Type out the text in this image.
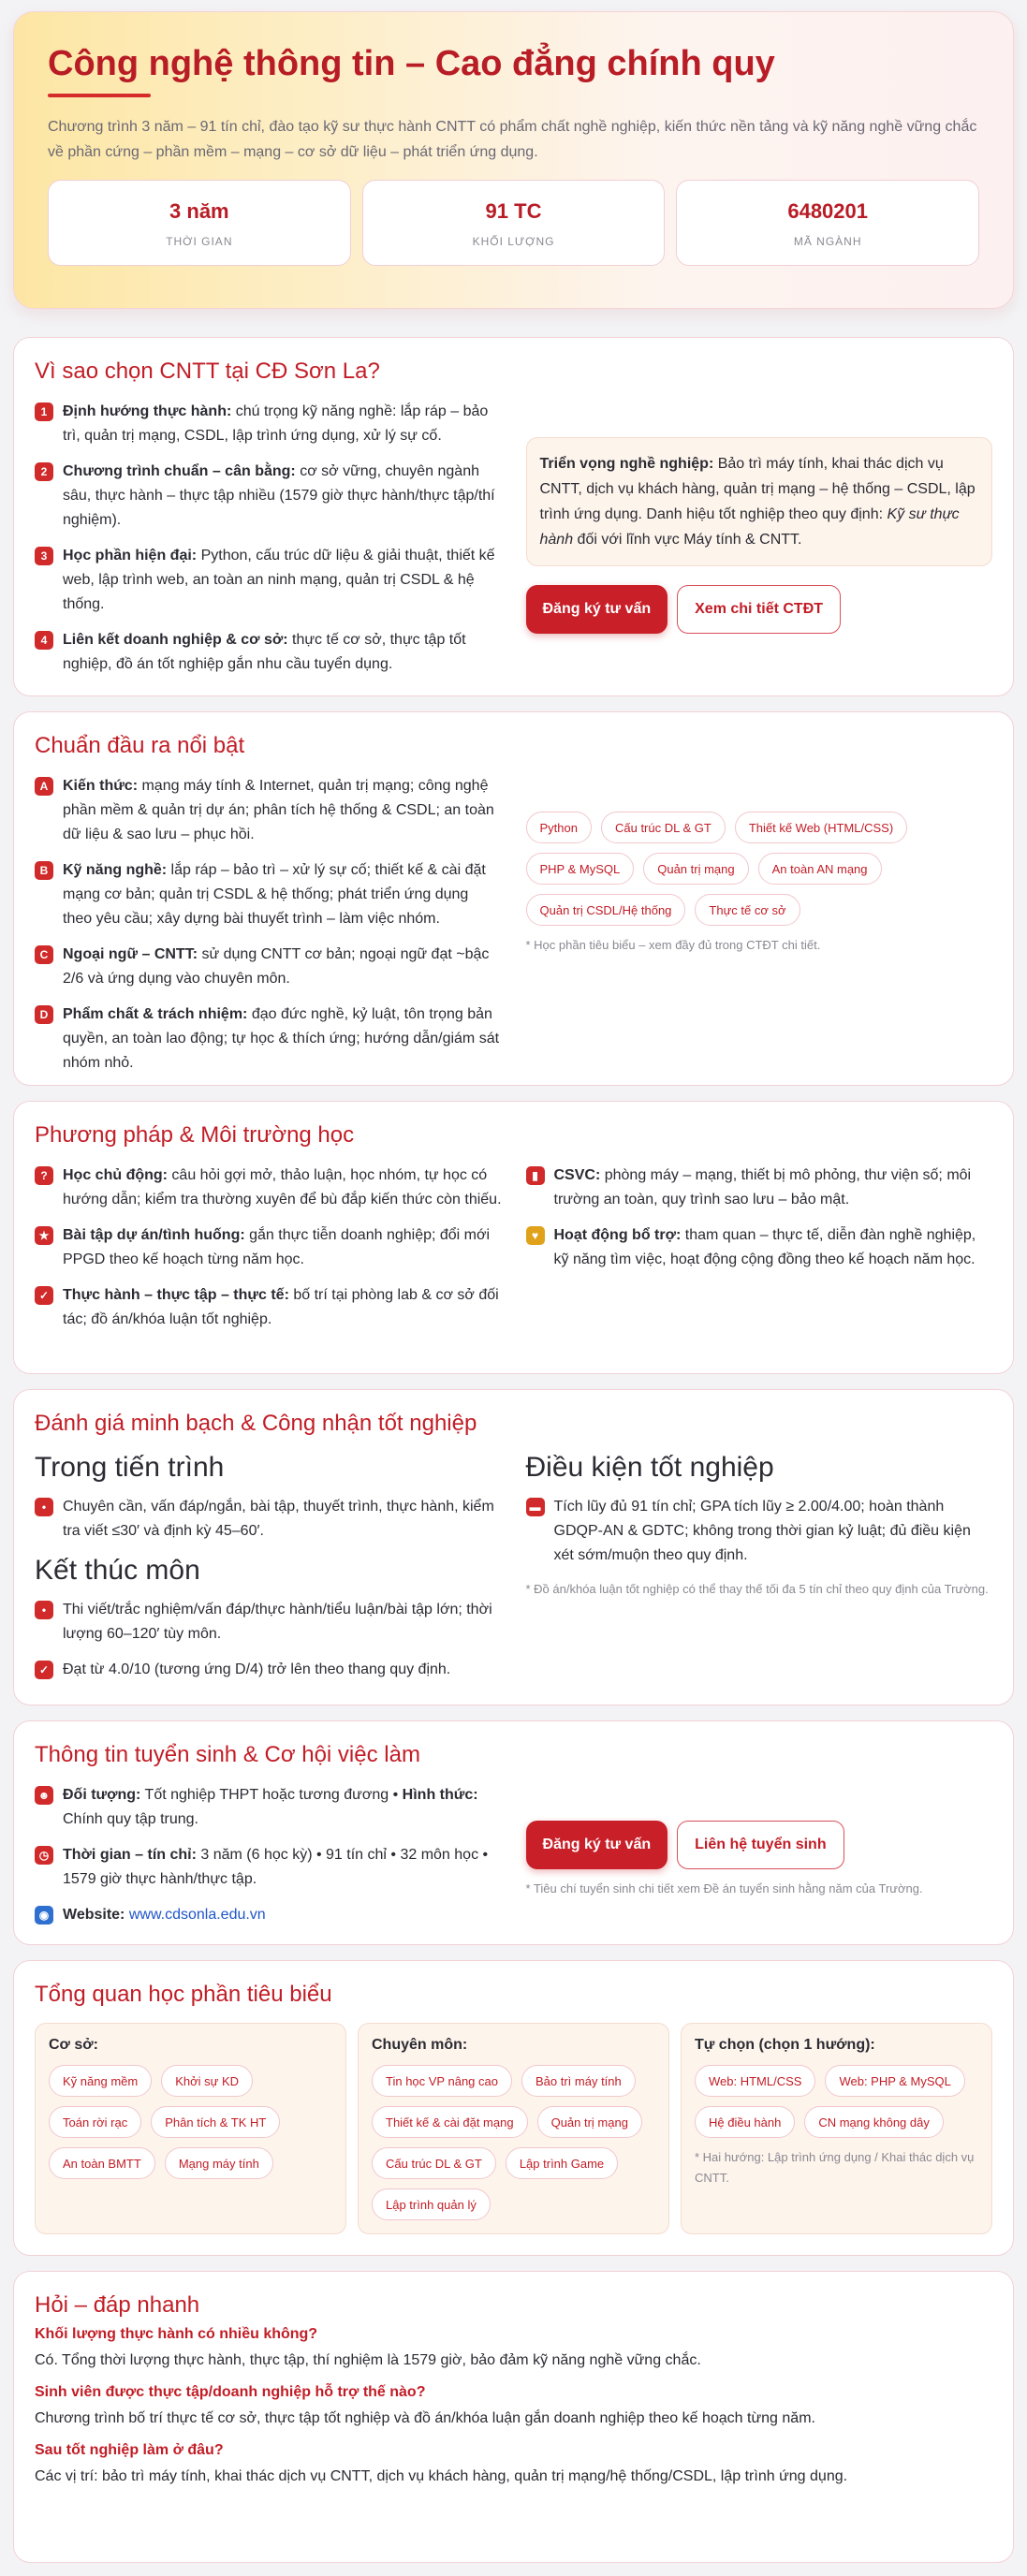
Công nghệ thông tin – Cao đẳng chính quy

Chương trình 3 năm – 91 tín chỉ, đào tạo kỹ sư thực hành CNTT có phẩm chất nghề nghiệp, kiến thức nền tảng và kỹ năng nghề vững chắc về phần cứng – phần mềm – mạng – cơ sở dữ liệu – phát triển ứng dụng.

3 năm
THỜI GIAN
91 TC
KHỐI LƯỢNG
6480201
MÃ NGÀNH
Vì sao chọn CNTT tại CĐ Sơn La?
1	Định hướng thực hành: chú trọng kỹ năng nghề: lắp ráp – bảo trì, quản trị mạng, CSDL, lập trình ứng dụng, xử lý sự cố.
2	Chương trình chuẩn – cân bằng: cơ sở vững, chuyên ngành sâu, thực hành – thực tập nhiều (1579 giờ thực hành/thực tập/thí nghiệm).
3	Học phần hiện đại: Python, cấu trúc dữ liệu & giải thuật, thiết kế web, lập trình web, an toàn an ninh mạng, quản trị CSDL & hệ thống.
4	Liên kết doanh nghiệp & cơ sở: thực tế cơ sở, thực tập tốt nghiệp, đồ án tốt nghiệp gắn nhu cầu tuyển dụng.
Triển vọng nghề nghiệp: Bảo trì máy tính, khai thác dịch vụ CNTT, dịch vụ khách hàng, quản trị mạng – hệ thống – CSDL, lập trình ứng dụng. Danh hiệu tốt nghiệp theo quy định: Kỹ sư thực hành đối với lĩnh vực Máy tính & CNTT.
Đăng ký tư vấn	Xem chi tiết CTĐT
Chuẩn đầu ra nổi bật
A Kiến thức: mạng máy tính & Internet, quản trị mạng; công nghệ phần mềm & quản trị dự án; phân tích hệ thống & CSDL; an toàn dữ liệu & sao lưu – phục hồi.
B Kỹ năng nghề: lắp ráp – bảo trì – xử lý sự cố; thiết kế & cài đặt mạng cơ bản; quản trị CSDL & hệ thống; phát triển ứng dụng theo yêu cầu; xây dựng bài thuyết trình – làm việc nhóm.
C Ngoại ngữ – CNTT: sử dụng CNTT cơ bản; ngoại ngữ đạt ~bậc 2/6 và ứng dụng vào chuyên môn.
D Phẩm chất & trách nhiệm: đạo đức nghề, kỷ luật, tôn trọng bản quyền, an toàn lao động; tự học & thích ứng; hướng dẫn/giám sát nhóm nhỏ.
Python	Cấu trúc DL & GT	Thiết kế Web (HTML/CSS)
PHP & MySQL	Quản trị mạng	An toàn AN mạng
Quản trị CSDL/Hệ thống	Thực tế cơ sở
* Học phần tiêu biểu – xem đầy đủ trong CTĐT chi tiết.
Phương pháp & Môi trường học
?	Học chủ động: câu hỏi gợi mở, thảo luận, học nhóm, tự học có hướng dẫn; kiểm tra thường xuyên để bù đắp kiến thức còn thiếu.
★ Bài tập dự án/tình huống: gắn thực tiễn doanh nghiệp; đổi mới PPGD theo kế hoạch từng năm học.
✓ Thực hành – thực tập – thực tế: bố trí tại phòng lab & cơ sở đối tác; đồ án/khóa luận tốt nghiệp.
▮	CSVC: phòng máy – mạng, thiết bị mô phỏng, thư viện số; môi trường an toàn, quy trình sao lưu – bảo mật.
♥	Hoạt động bổ trợ: tham quan – thực tế, diễn đàn nghề nghiệp, kỹ năng tìm việc, hoạt động cộng đồng theo kế hoạch năm học.
Đánh giá minh bạch & Công nhận tốt nghiệp
Trong tiến trình
•	Chuyên cần, vấn đáp/ngắn, bài tập, thuyết trình, thực hành, kiểm tra viết ≤30′ và định kỳ 45–60′.
Kết thúc môn
•	Thi viết/trắc nghiệm/vấn đáp/thực hành/tiểu luận/bài tập lớn; thời lượng 60–120′ tùy môn.
✓ Đạt từ 4.0/10 (tương ứng D/4) trở lên theo thang quy định.
Điều kiện tốt nghiệp
▬ Tích lũy đủ 91 tín chỉ; GPA tích lũy ≥ 2.00/4.00; hoàn thành GDQP-AN & GDTC; không trong thời gian kỷ luật; đủ điều kiện xét sớm/muộn theo quy định.
* Đồ án/khóa luận tốt nghiệp có thể thay thế tối đa 5 tín chỉ theo quy định của Trường.
Thông tin tuyển sinh & Cơ hội việc làm
☻ Đối tượng: Tốt nghiệp THPT hoặc tương đương • Hình thức: Chính quy tập trung.
◷ Thời gian – tín chỉ: 3 năm (6 học kỳ) • 91 tín chỉ • 32 môn học • 1579 giờ thực hành/thực tập.
◉ Website: www.cdsonla.edu.vn
Đăng ký tư vấn	Liên hệ tuyển sinh
* Tiêu chí tuyển sinh chi tiết xem Đề án tuyển sinh hằng năm của Trường.
Tổng quan học phần tiêu biểu
Cơ sở:
Kỹ năng mềm	Khởi sự KD
Toán rời rạc	Phân tích & TK HT
An toàn BMTT	Mạng máy tính
Chuyên môn:
Tin học VP nâng cao	Bảo trì máy tính
Thiết kế & cài đặt mạng	Quản trị mạng
Cấu trúc DL & GT	Lập trình Game
Lập trình quản lý
Tự chọn (chọn 1 hướng):
Web: HTML/CSS	Web: PHP & MySQL
Hệ điều hành	CN mạng không dây
* Hai hướng: Lập trình ứng dụng / Khai thác dịch vụ CNTT.
Hỏi – đáp nhanh
Khối lượng thực hành có nhiều không?
Có. Tổng thời lượng thực hành, thực tập, thí nghiệm là 1579 giờ, bảo đảm kỹ năng nghề vững chắc.
Sinh viên được thực tập/doanh nghiệp hỗ trợ thế nào?
Chương trình bố trí thực tế cơ sở, thực tập tốt nghiệp và đồ án/khóa luận gắn doanh nghiệp theo kế hoạch từng năm.
Sau tốt nghiệp làm ở đâu?
Các vị trí: bảo trì máy tính, khai thác dịch vụ CNTT, dịch vụ khách hàng, quản trị mạng/hệ thống/CSDL, lập trình ứng dụng.
